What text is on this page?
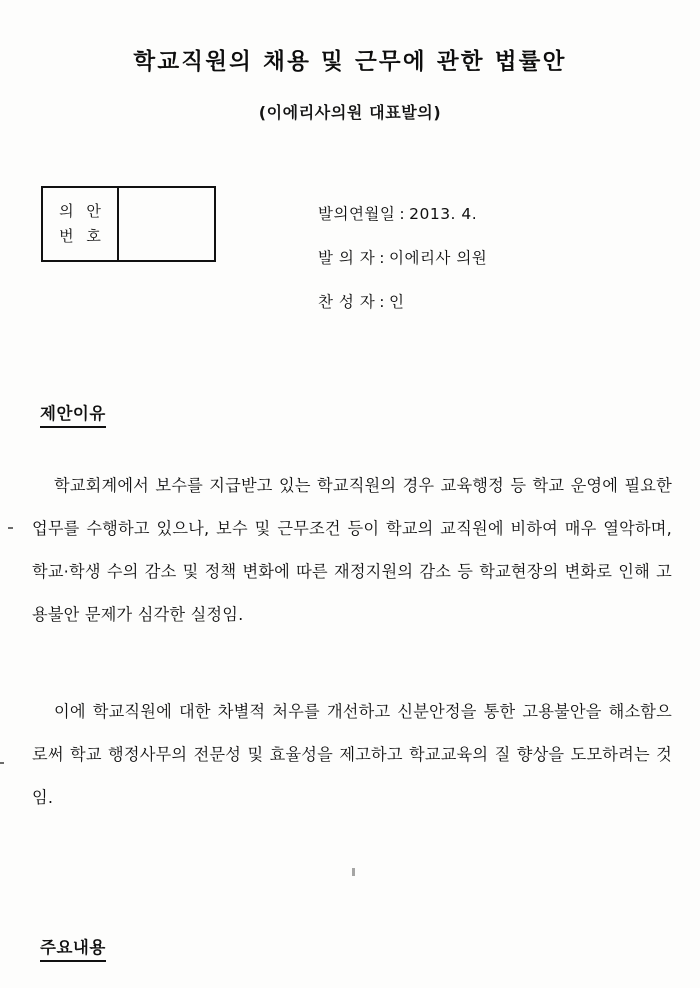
학교직원의 채용 및 근무에 관한 법률안
(이에리사의원 대표발의)
의 안
번 호
발의연월일 : 2013. 4.
발 의 자 : 이에리사 의원
찬 성 자 : 인
제안이유

학교회계에서 보수를 지급받고 있는 학교직원의 경우 교육행정 등 학교 운영에 필요한 업무를 수행하고 있으나, 보수 및 근무조건 등이 학교의 교직원에 비하여 매우 열악하며, 학교·학생 수의 감소 및 정책 변화에 따른 재정지원의 감소 등 학교현장의 변화로 인해 고용불안 문제가 심각한 실정임.

이에 학교직원에 대한 차별적 처우를 개선하고 신분안정을 통한 고용불안을 해소함으로써 학교 행정사무의 전문성 및 효율성을 제고하고 학교교육의 질 향상을 도모하려는 것임.

주요내용
